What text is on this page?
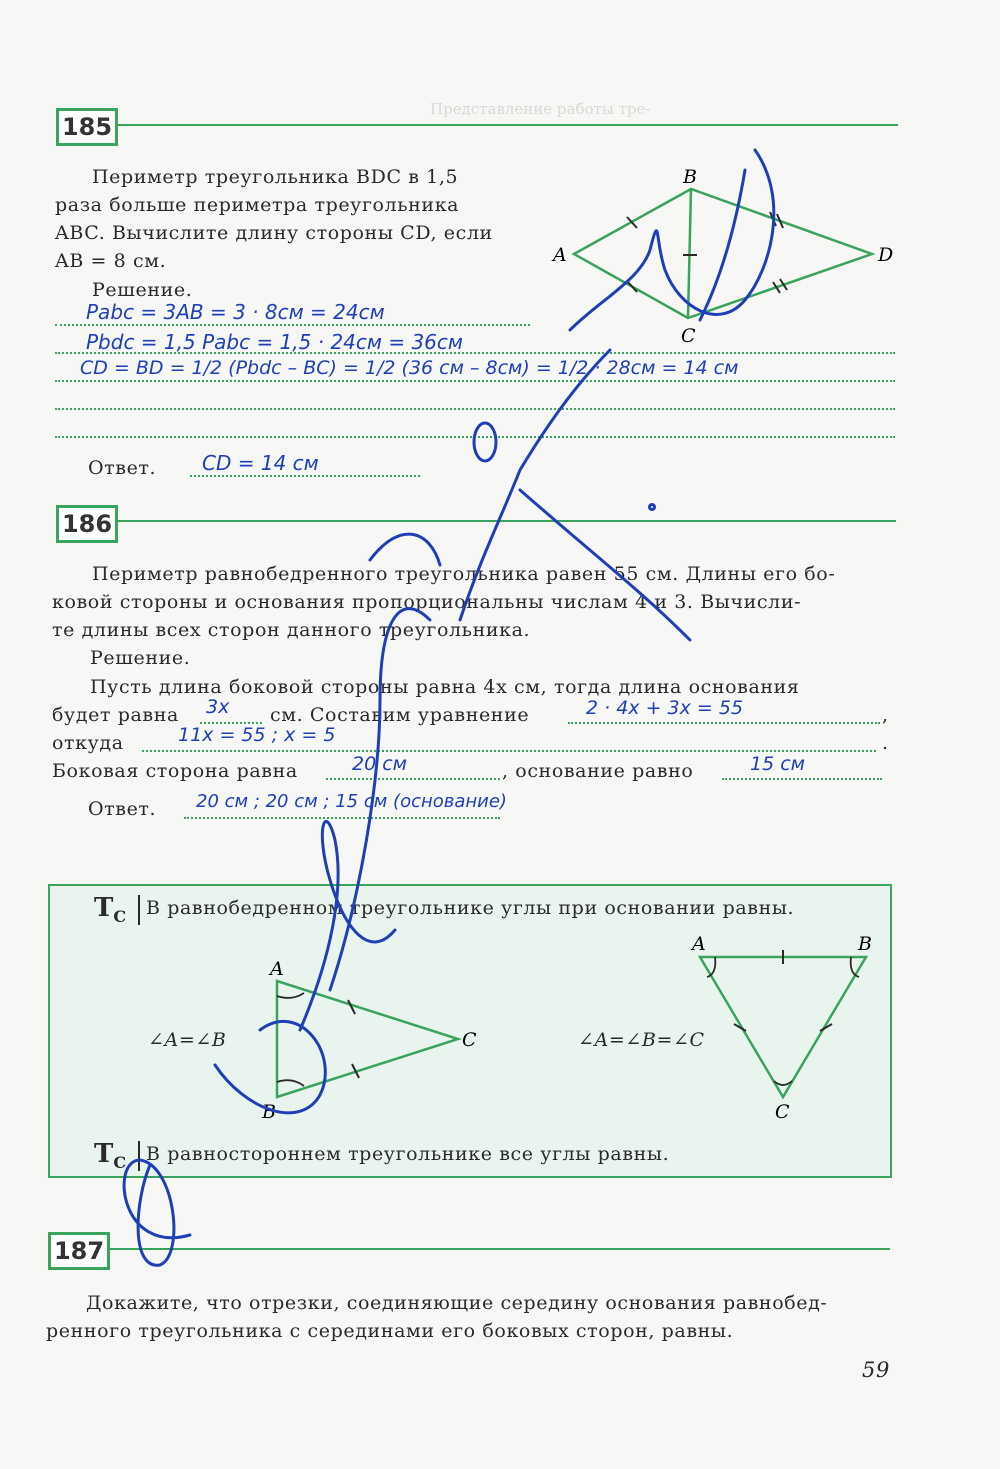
Представление работы тре-
185
Периметр треугольника BDC в 1,5
раза больше периметра треугольника
ABC. Вычислите длину стороны CD, если
AB = 8 см.
Решение.
Pabc = 3AB = 3 · 8см = 24см
Pbdc = 1,5 Pabc = 1,5 · 24см = 36см
CD = BD = 1/2 (Pbdc – BC) = 1/2 (36 см – 8см) = 1/2 · 28см = 14 см
Ответ. CD = 14 см
186
Периметр равнобедренного треугольника равен 55 см. Длины его бо-
ковой стороны и основания пропорциональны числам 4 и 3. Вычисли-
те длины всех сторон данного треугольника.
Решение.
Пусть длина боковой стороны равна 4x см, тогда длина основания
будет равна 3x см. Составим уравнение	2 · 4x + 3x = 55	,
откуда	11x = 55 ; x = 5	.
Боковая сторона равна	20 см	, основание равно	15 см
Ответ. 20 см ; 20 см ; 15 см (основание)
$T_C$ В равнобедренном треугольнике углы при основании равны.
∠A=∠B	∠A=∠B=∠C
$T_C$ В равностороннем треугольнике все углы равны.
187
Докажите, что отрезки, соединяющие середину основания равнобед-
ренного треугольника с серединами его боковых сторон, равны.
59
A
B
C
D
A
B
C
A	B
C
